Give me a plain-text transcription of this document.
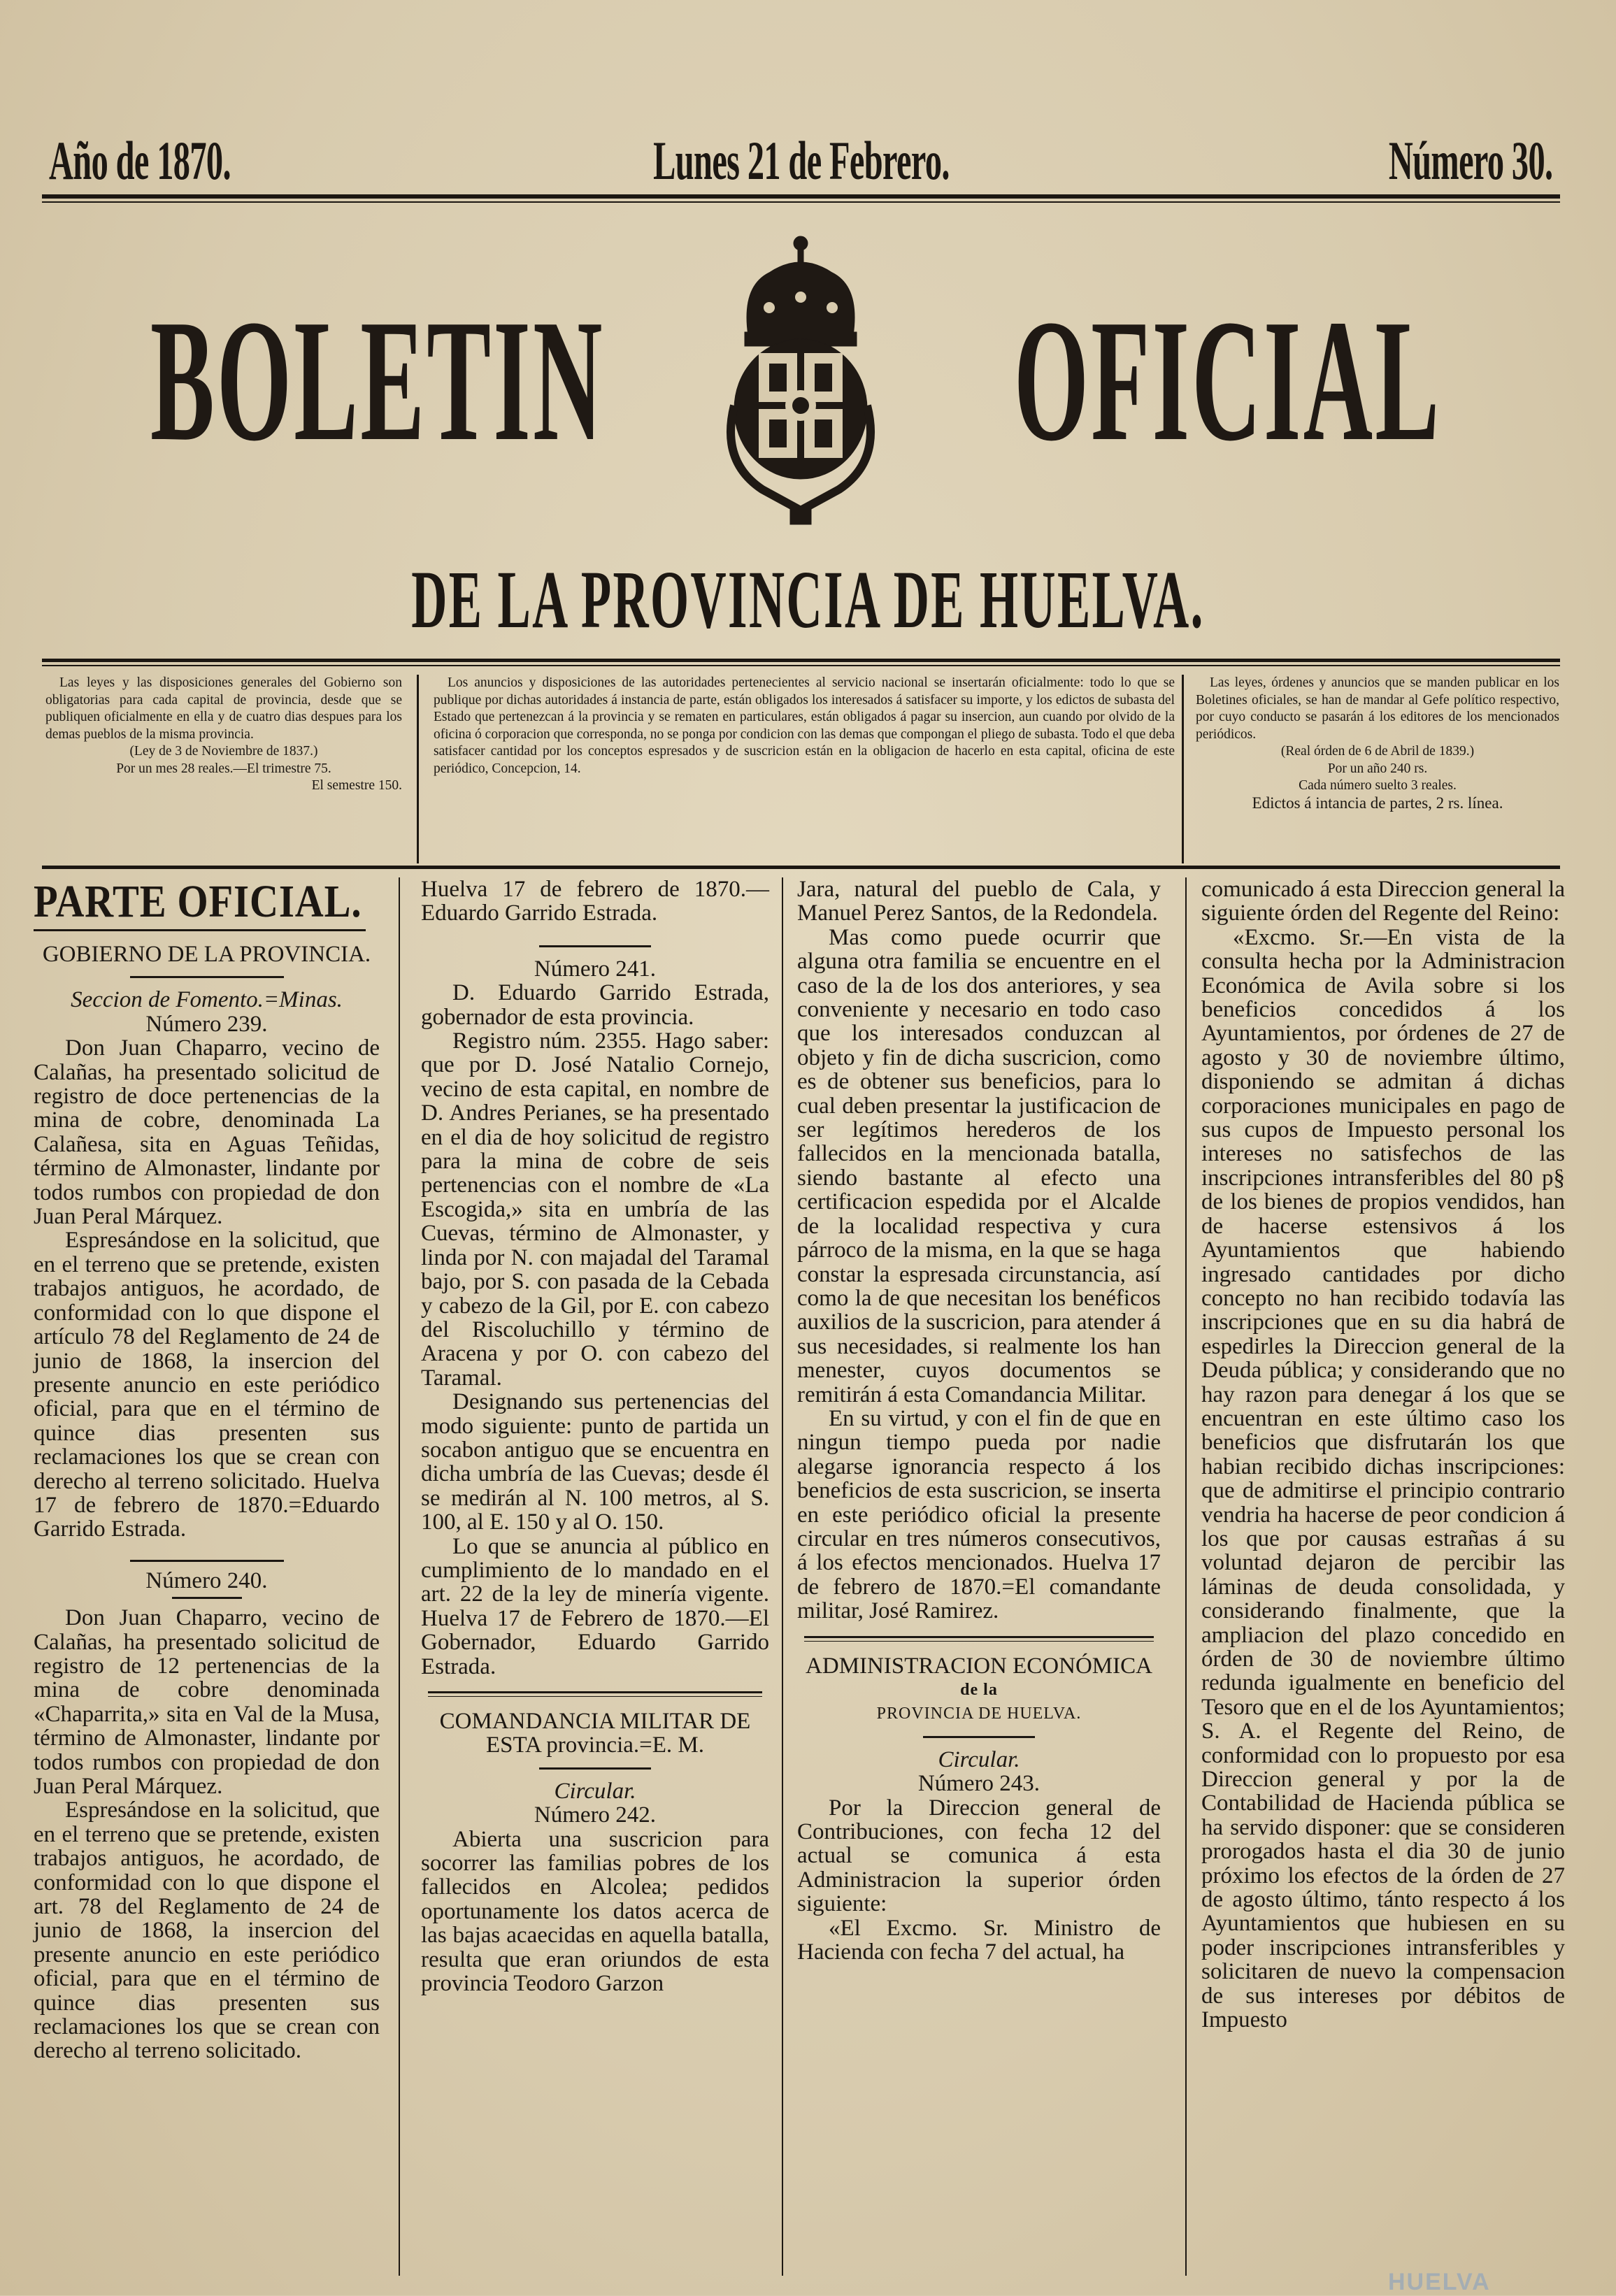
Año de 1870.	Lunes 21 de Febrero.	Número 30.
BOLETIN OFICIAL
DE LA PROVINCIA DE HUELVA.

Las leyes y las disposiciones generales del Gobierno son obligatorias para cada capital de provincia, desde que se publiquen oficialmente en ella y de cuatro dias despues para los demas pueblos de la misma provincia.

(Ley de 3 de Noviembre de 1837.)

Por un mes 28 reales.—El trimestre 75.

El semestre 150.

Los anuncios y disposiciones de las autoridades pertenecientes al servicio nacional se insertarán oficialmente: todo lo que se publique por dichas autoridades á instancia de parte, están obligados los interesados á satisfacer su importe, y los edictos de subasta del Estado que pertenezcan á la provincia y se rematen en particulares, están obligados á pagar su insercion, aun cuando por olvido de la oficina ó corporacion que corresponda, no se ponga por condicion con las demas que compongan el pliego de subasta. Todo el que deba satisfacer cantidad por los conceptos espresados y de suscricion están en la obligacion de hacerlo en esta capital, oficina de este periódico, Concepcion, 14.

Las leyes, órdenes y anuncios que se manden publicar en los Boletines oficiales, se han de mandar al Gefe político respectivo, por cuyo conducto se pasarán á los editores de los mencionados periódicos.

(Real órden de 6 de Abril de 1839.)

Por un año 240 rs.

Cada número suelto 3 reales.

Edictos á intancia de partes, 2 rs. línea.

PARTE OFICIAL.

GOBIERNO DE LA PROVINCIA.

Seccion de Fomento.=Minas.

Número 239.

Don Juan Chaparro, vecino de Calañas, ha presentado solicitud de registro de doce pertenencias de la mina de cobre, denominada La Calañesa, sita en Aguas Teñidas, término de Almonaster, lindante por todos rumbos con propiedad de don Juan Peral Márquez.

Espresándose en la solicitud, que en el terreno que se pretende, existen trabajos antiguos, he acordado, de conformidad con lo que dispone el artículo 78 del Reglamento de 24 de junio de 1868, la insercion del presente anuncio en este periódico oficial, para que en el término de quince dias presenten sus reclamaciones los que se crean con derecho al terreno solicitado. Huelva 17 de febrero de 1870.=Eduardo Garrido Estrada.

Número 240.

Don Juan Chaparro, vecino de Calañas, ha presentado solicitud de registro de 12 pertenencias de la mina de cobre denominada «Chaparrita,» sita en Val de la Musa, término de Almonaster, lindante por todos rumbos con propiedad de don Juan Peral Márquez.

Espresándose en la solicitud, que en el terreno que se pretende, existen trabajos antiguos, he acordado, de conformidad con lo que dispone el art. 78 del Reglamento de 24 de junio de 1868, la insercion del presente anuncio en este periódico oficial, para que en el término de quince dias presenten sus reclamaciones los que se crean con derecho al terreno solicitado.

Huelva 17 de febrero de 1870.—Eduardo Garrido Estrada.

Número 241.

D. Eduardo Garrido Estrada, gobernador de esta provincia.

Registro núm. 2355. Hago saber: que por D. José Natalio Cornejo, vecino de esta capital, en nombre de D. Andres Perianes, se ha presentado en el dia de hoy solicitud de registro para la mina de cobre de seis pertenencias con el nombre de «La Escogida,» sita en umbría de las Cuevas, término de Almonaster, y linda por N. con majadal del Taramal bajo, por S. con pasada de la Cebada y cabezo de la Gil, por E. con cabezo del Riscoluchillo y término de Aracena y por O. con cabezo del Taramal.

Designando sus pertenencias del modo siguiente: punto de partida un socabon antiguo que se encuentra en dicha umbría de las Cuevas; desde él se medirán al N. 100 metros, al S. 100, al E. 150 y al O. 150.

Lo que se anuncia al público en cumplimiento de lo mandado en el art. 22 de la ley de minería vigente. Huelva 17 de Febrero de 1870.—El Gobernador, Eduardo Garrido Estrada.

COMANDANCIA MILITAR DE ESTA provincia.=E. M.

Circular.

Número 242.

Abierta una suscricion para socorrer las familias pobres de los fallecidos en Alcolea; pedidos oportunamente los datos acerca de las bajas acaecidas en aquella batalla, resulta que eran oriundos de esta provincia Teodoro Garzon

Jara, natural del pueblo de Cala, y Manuel Perez Santos, de la Redondela.

Mas como puede ocurrir que alguna otra familia se encuentre en el caso de la de los dos anteriores, y sea conveniente y necesario en todo caso que los interesados conduzcan al objeto y fin de dicha suscricion, como es de obtener sus beneficios, para lo cual deben presentar la justificacion de ser legítimos herederos de los fallecidos en la mencionada batalla, siendo bastante al efecto una certificacion espedida por el Alcalde de la localidad respectiva y cura párroco de la misma, en la que se haga constar la espresada circunstancia, así como la de que necesitan los benéficos auxilios de la suscricion, para atender á sus necesidades, si realmente los han menester, cuyos documentos se remitirán á esta Comandancia Militar.

En su virtud, y con el fin de que en ningun tiempo pueda por nadie alegarse ignorancia respecto á los beneficios de esta suscricion, se inserta en este periódico oficial la presente circular en tres números consecutivos, á los efectos mencionados. Huelva 17 de febrero de 1870.=El comandante militar, José Ramirez.

ADMINISTRACION ECONÓMICA

de la

PROVINCIA DE HUELVA.

Circular.

Número 243.

Por la Direccion general de Contribuciones, con fecha 12 del actual se comunica á esta Administracion la superior órden siguiente:

«El Excmo. Sr. Ministro de Hacienda con fecha 7 del actual, ha

comunicado á esta Direccion general la siguiente órden del Regente del Reino:

«Excmo. Sr.—En vista de la consulta hecha por la Administracion Económica de Avila sobre si los beneficios concedidos á los Ayuntamientos, por órdenes de 27 de agosto y 30 de noviembre último, disponiendo se admitan á dichas corporaciones municipales en pago de sus cupos de Impuesto personal los intereses no satisfechos de las inscripciones intransferibles del 80 p§ de los bienes de propios vendidos, han de hacerse estensivos á los Ayuntamientos que habiendo ingresado cantidades por dicho concepto no han recibido todavía las inscripciones que en su dia habrá de espedirles la Direccion general de la Deuda pública; y considerando que no hay razon para denegar á los que se encuentran en este último caso los beneficios que disfrutarán los que habian recibido dichas inscripciones: que de admitirse el principio contrario vendria ha hacerse de peor condicion á los que por causas estrañas á su voluntad dejaron de percibir las láminas de deuda consolidada, y considerando finalmente, que la ampliacion del plazo concedido en órden de 30 de noviembre último redunda igualmente en beneficio del Tesoro que en el de los Ayuntamientos; S. A. el Regente del Reino, de conformidad con lo propuesto por esa Direccion general y por la de Contabilidad de Hacienda pública se ha servido disponer: que se consideren prorogados hasta el dia 30 de junio próximo los efectos de la órden de 27 de agosto último, tánto respecto á los Ayuntamientos que hubiesen en su poder inscripciones intransferibles y solicitaren de nuevo la compensacion de sus intereses por débitos de Impuesto

HUELVA
